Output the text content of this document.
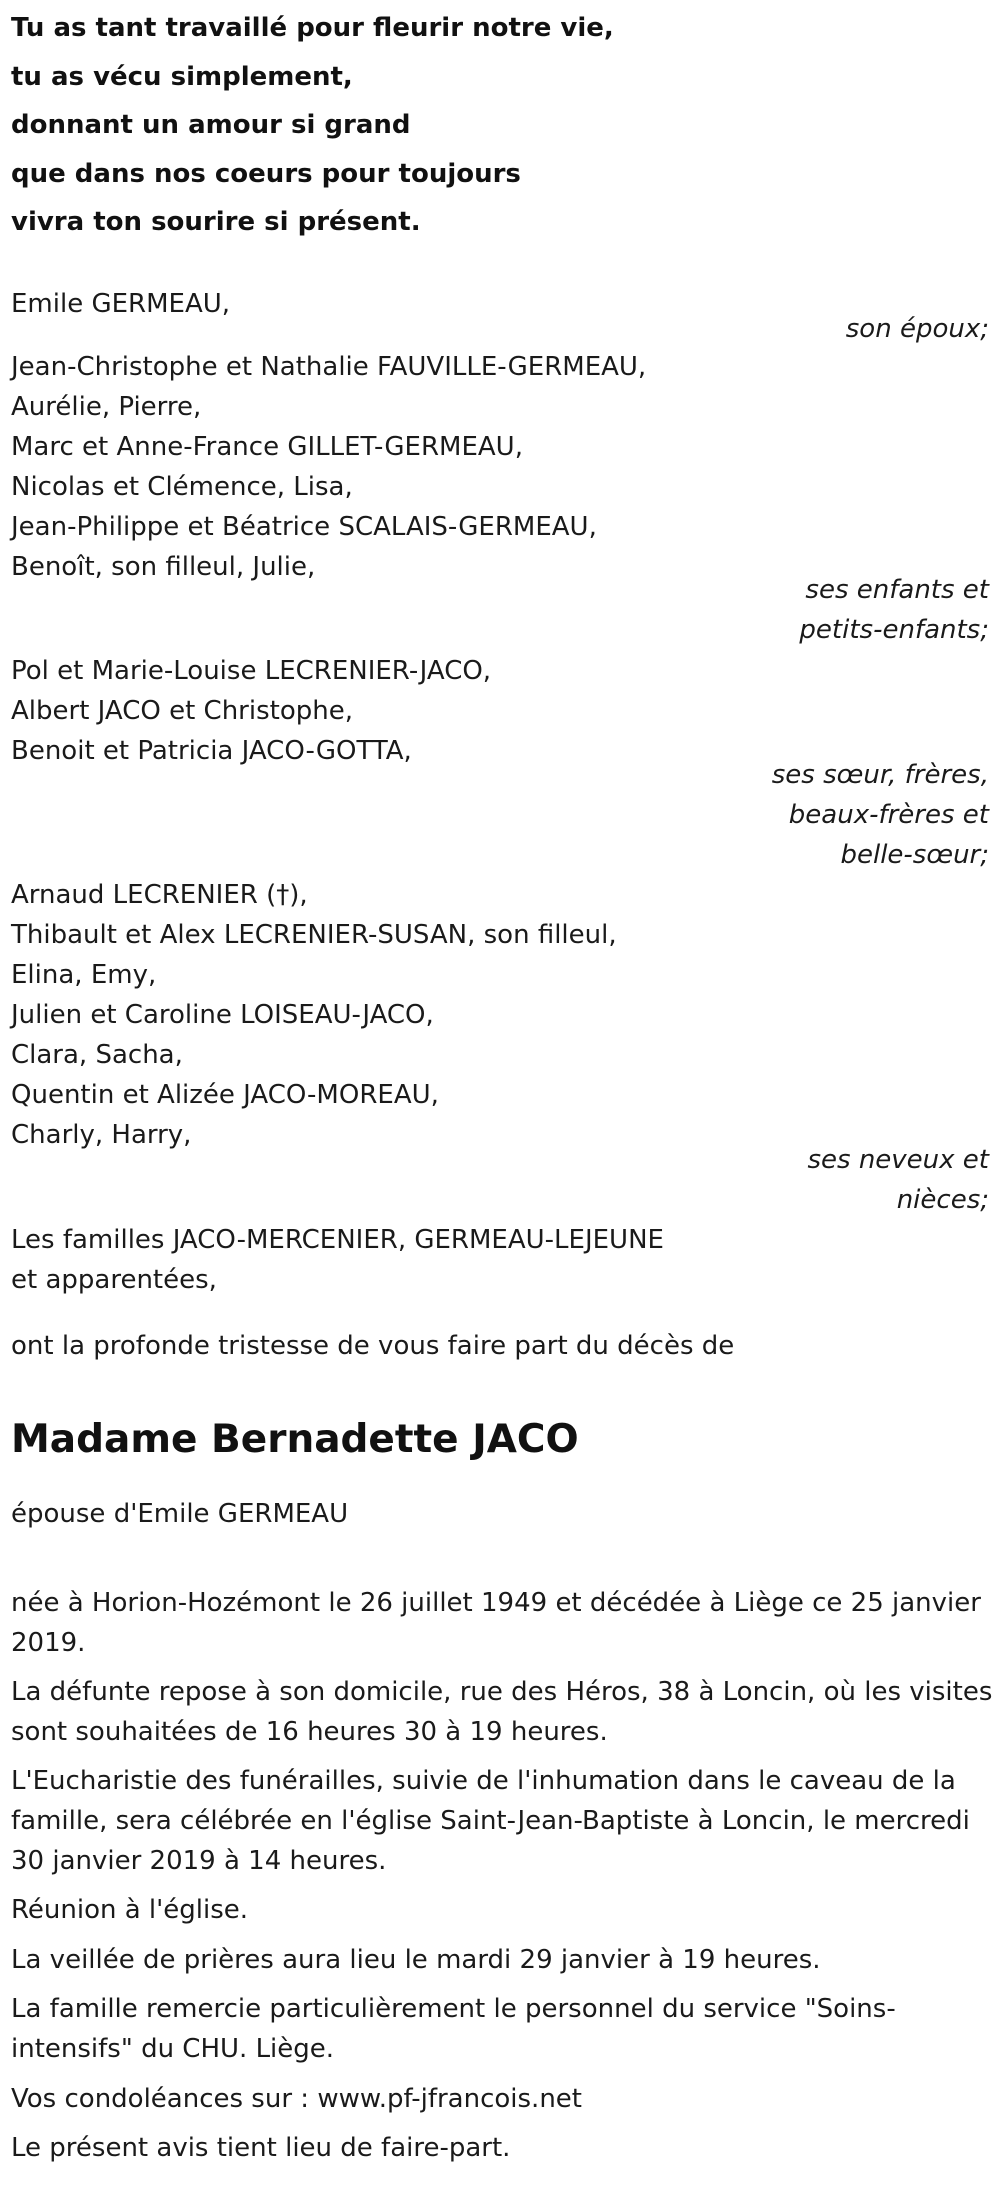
Tu as tant travaillé pour fleurir notre vie,
tu as vécu simplement,
donnant un amour si grand
que dans nos coeurs pour toujours
vivra ton sourire si présent.
Emile GERMEAU,
son époux;
Jean-Christophe et Nathalie FAUVILLE-GERMEAU,
Aurélie, Pierre,
Marc et Anne-France GILLET-GERMEAU,
Nicolas et Clémence, Lisa,
Jean-Philippe et Béatrice SCALAIS-GERMEAU,
Benoît, son filleul, Julie,
ses enfants et
petits-enfants;
Pol et Marie-Louise LECRENIER-JACO,
Albert JACO et Christophe,
Benoit et Patricia JACO-GOTTA,
ses sœur, frères,
beaux-frères et
belle-sœur;
Arnaud LECRENIER (†),
Thibault et Alex LECRENIER-SUSAN, son filleul,
Elina, Emy,
Julien et Caroline LOISEAU-JACO,
Clara, Sacha,
Quentin et Alizée JACO-MOREAU,
Charly, Harry,
ses neveux et
nièces;
Les familles JACO-MERCENIER, GERMEAU-LEJEUNE
et apparentées,
ont la profonde tristesse de vous faire part du décès de
Madame Bernadette JACO
épouse d'Emile GERMEAU
née à Horion-Hozémont le 26 juillet 1949 et décédée à Liège ce 25 janvier 2019.
La défunte repose à son domicile, rue des Héros, 38 à Loncin, où les visites sont souhaitées de 16 heures 30 à 19 heures.
L'Eucharistie des funérailles, suivie de l'inhumation dans le caveau de la famille, sera célébrée en l'église Saint-Jean-Baptiste à Loncin, le mercredi 30 janvier 2019 à 14 heures.
Réunion à l'église.
La veillée de prières aura lieu le mardi 29 janvier à 19 heures.
La famille remercie particulièrement le personnel du service "Soins-intensifs" du CHU. Liège.
Vos condoléances sur : www.pf-jfrancois.net
Le présent avis tient lieu de faire-part.
